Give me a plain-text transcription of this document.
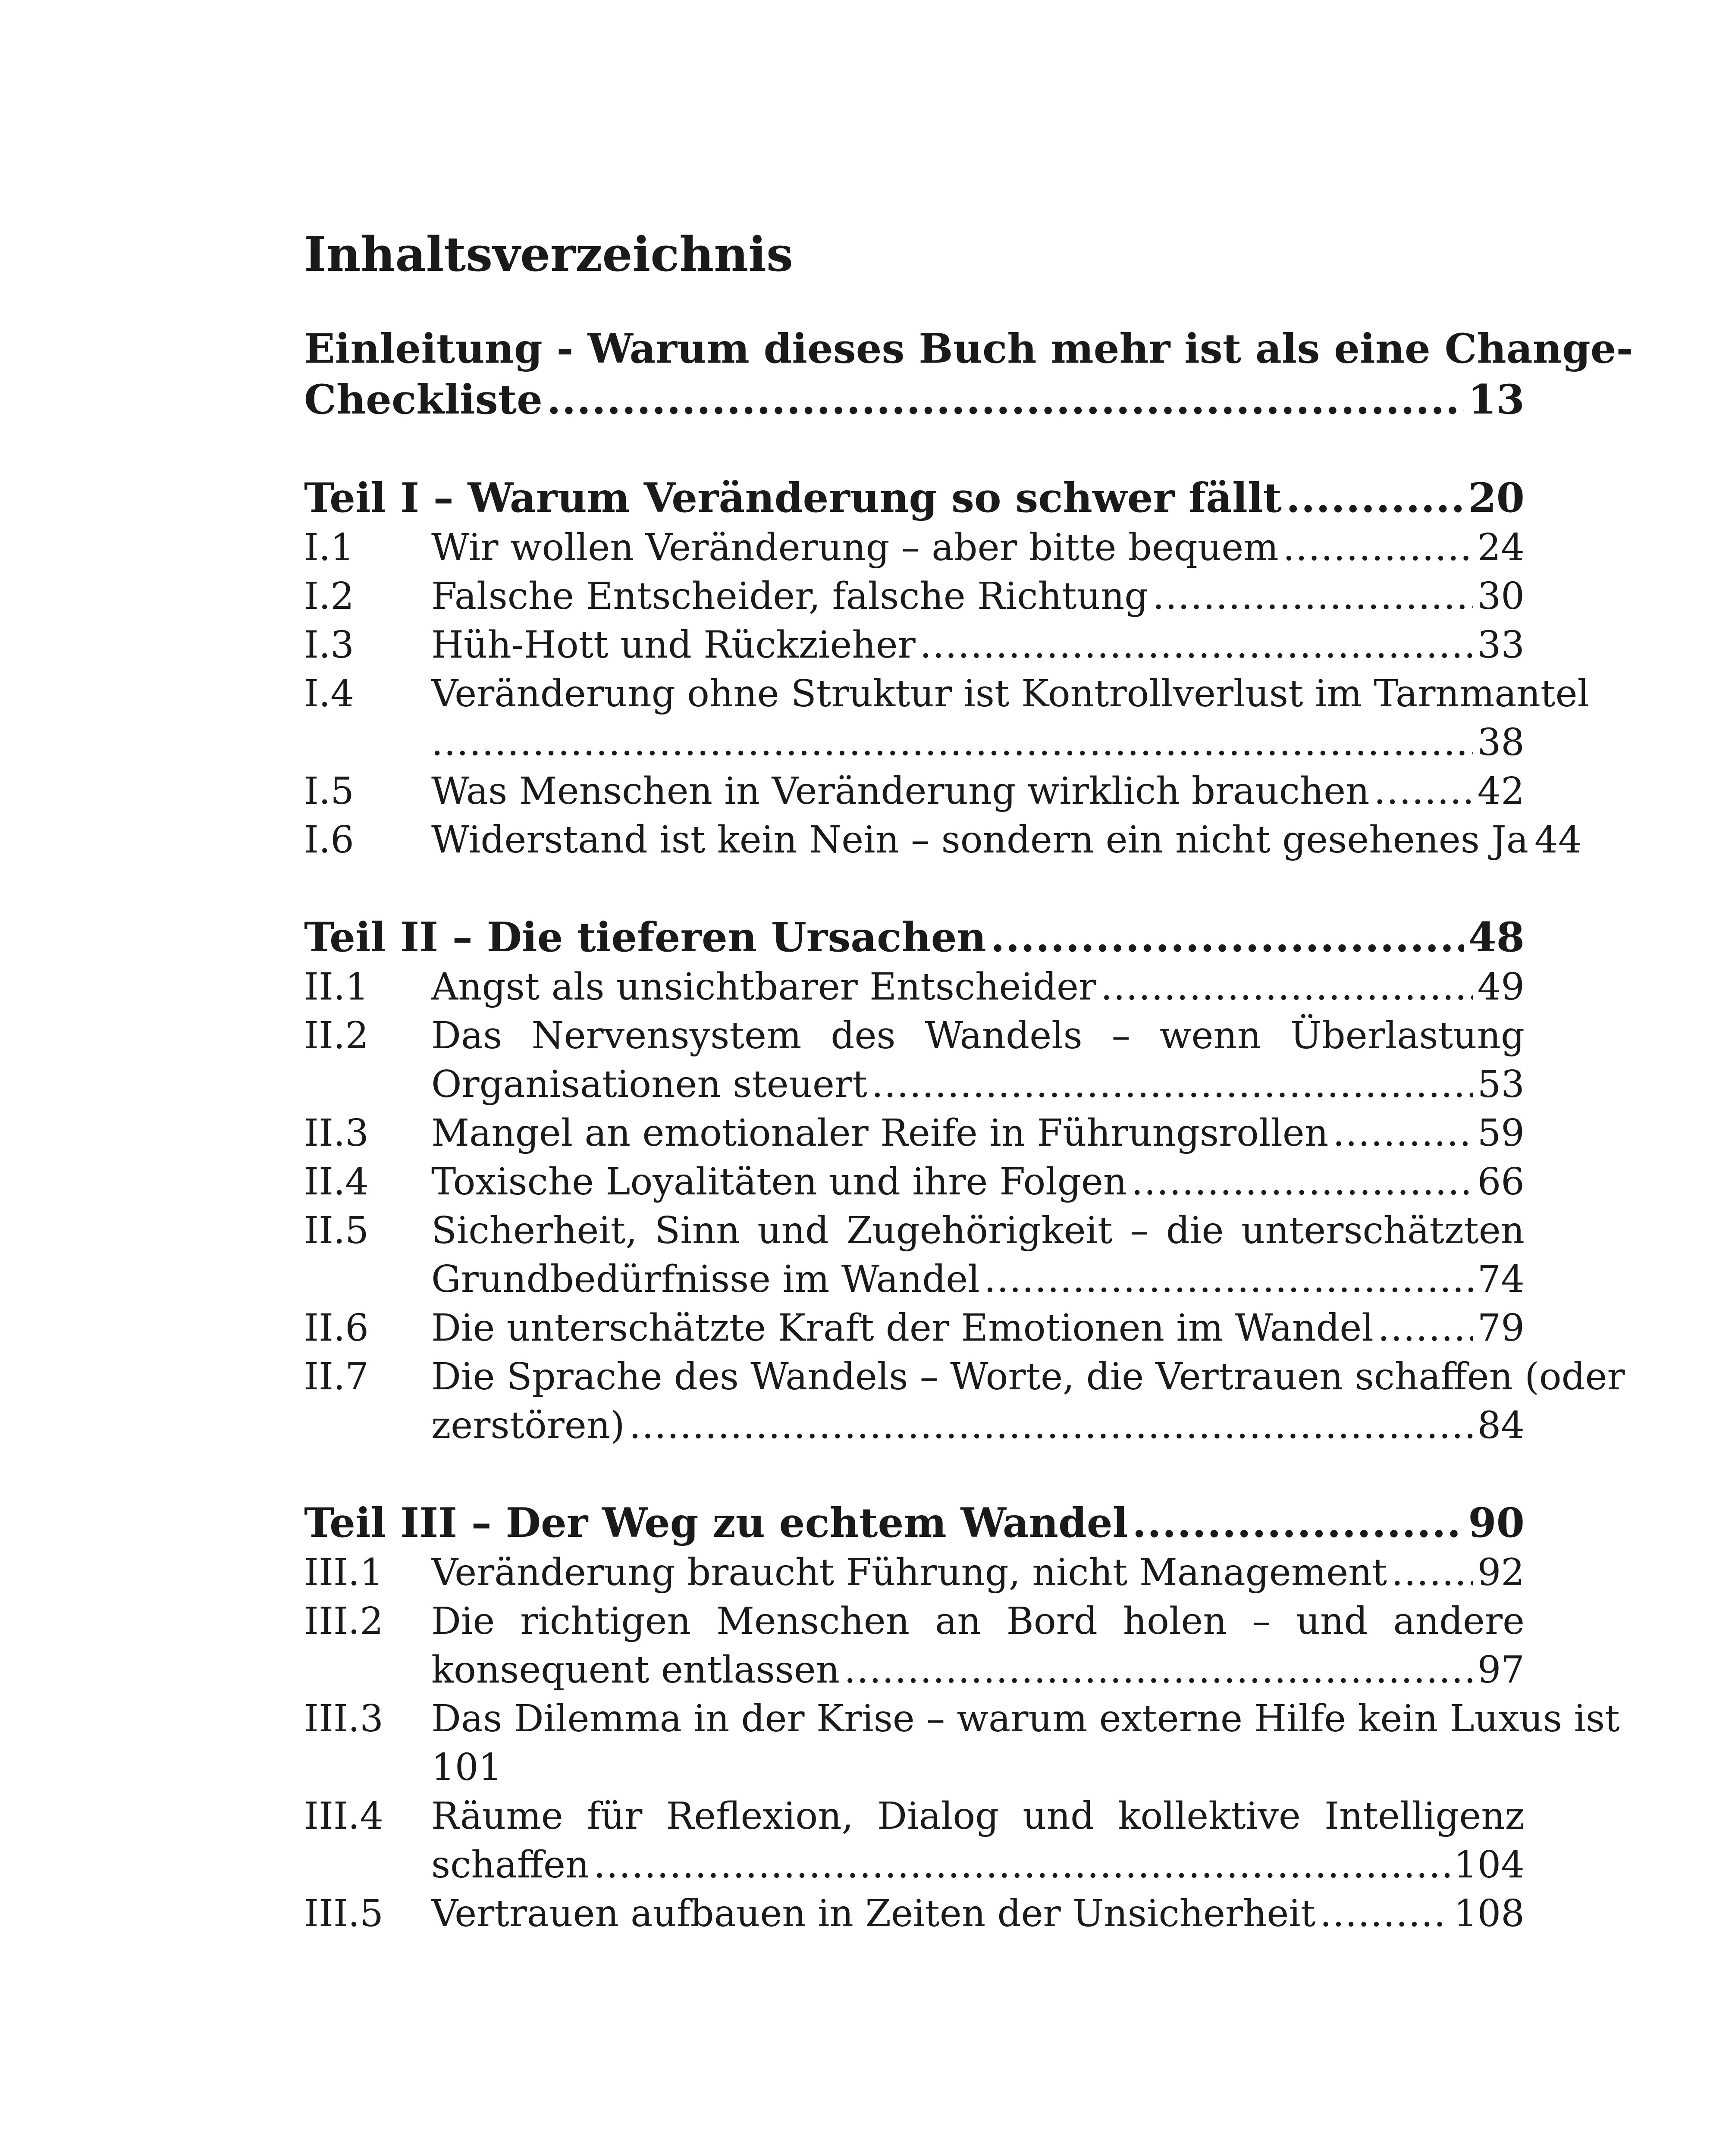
Inhaltsverzeichnis
Einleitung - Warum dieses Buch mehr ist als eine Change-
Checkliste .....	13
Teil I – Warum Veränderung so schwer fällt .....	20
I.1 Wir wollen Veränderung – aber bitte bequem .....	24
I.2 Falsche Entscheider, falsche Richtung .....	30
I.3 Hüh-Hott und Rückzieher .....	33
I.4 Veränderung ohne Struktur ist Kontrollverlust im Tarnmantel
.....
38
I.5 Was Menschen in Veränderung wirklich brauchen .....	42
I.6 Widerstand ist kein Nein – sondern ein nicht gesehenes Ja 44
Teil II – Die tieferen Ursachen .....	48
II.1 Angst als unsichtbarer Entscheider .....	49
II.2 Das Nervensystem des Wandels – wenn Überlastung
Organisationen steuert .....	53
II.3 Mangel an emotionaler Reife in Führungsrollen .....	59
II.4 Toxische Loyalitäten und ihre Folgen .....	66
II.5 Sicherheit, Sinn und Zugehörigkeit – die unterschätzten
Grundbedürfnisse im Wandel .....	74
II.6 Die unterschätzte Kraft der Emotionen im Wandel .....	79
II.7 Die Sprache des Wandels – Worte, die Vertrauen schaffen (oder
zerstören) .....	84
Teil III – Der Weg zu echtem Wandel .....	90
III.1 Veränderung braucht Führung, nicht Management ..... 92
III.2 Die richtigen Menschen an Bord holen – und andere
konsequent entlassen .....	97
III.3 Das Dilemma in der Krise – warum externe Hilfe kein Luxus ist
101
III.4 Räume für Reflexion, Dialog und kollektive Intelligenz
schaffen .....	104
III.5 Vertrauen aufbauen in Zeiten der Unsicherheit .....	108
